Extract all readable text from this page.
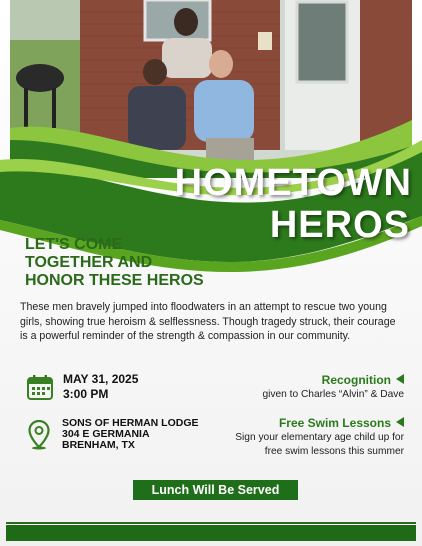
HOMETOWN
HEROS
LET'S COME
TOGETHER AND
HONOR THESE HEROS
These men bravely jumped into floodwaters in an attempt to rescue two young girls, showing true heroism & selflessness. Though tragedy struck, their courage is a powerful reminder of the strength & compassion in our community.
MAY 31, 2025
3:00 PM
SONS OF HERMAN LODGE
304 E GERMANIA
BRENHAM, TX
Recognition
given to Charles “Alvin” & Dave
Free Swim Lessons
Sign your elementary age child up for
free swim lessons this summer
Lunch Will Be Served
